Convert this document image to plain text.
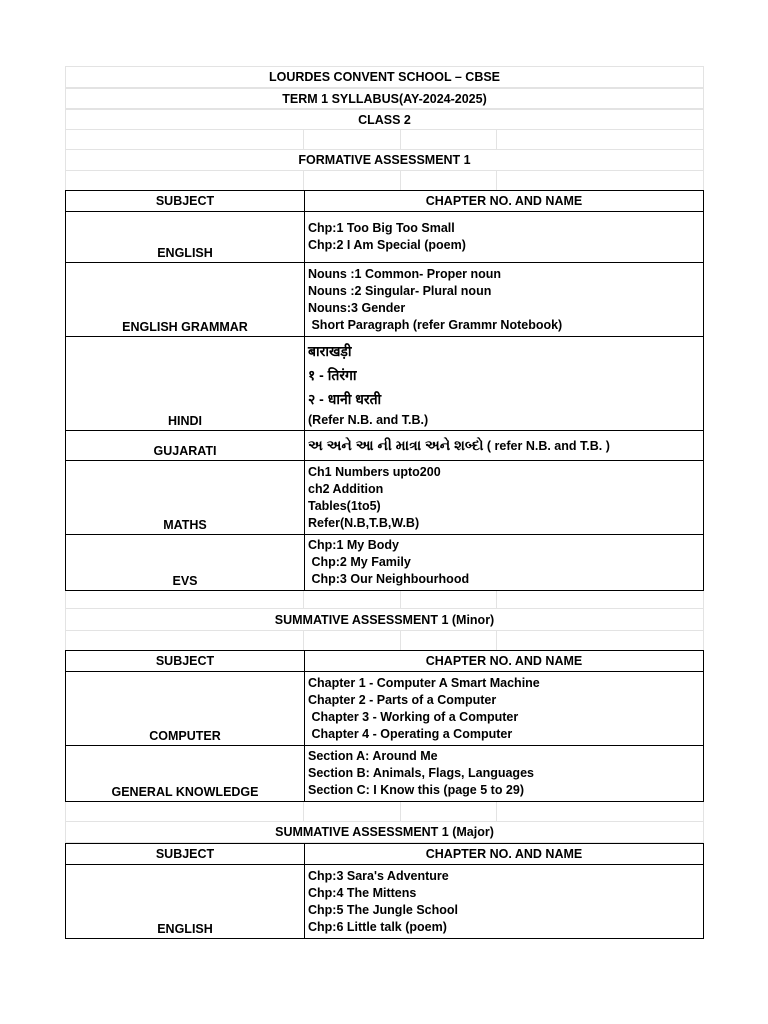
LOURDES CONVENT SCHOOL – CBSE
TERM 1 SYLLABUS(AY-2024-2025)
CLASS 2
FORMATIVE ASSESSMENT 1
SUBJECT	CHAPTER NO. AND NAME
ENGLISH	Chp:1 Too Big Too Small
Chp:2 I Am Special (poem)

ENGLISH GRAMMAR	Nouns :1 Common- Proper noun
Nouns :2 Singular- Plural noun
Nouns:3 Gender
Short Paragraph (refer Grammr Notebook)

HINDI	बाराखड़ी
१ - तिरंगा
२ - धानी धरती
(Refer N.B. and T.B.)

GUJARATI	અ અને આ ની માત્રા અને શબ્દો ( refer N.B. and T.B. )
MATHS	Ch1 Numbers upto200
ch2 Addition
Tables(1to5)
Refer(N.B,T.B,W.B)

EVS	Chp:1 My Body
Chp:2 My Family
Chp:3 Our Neighbourhood
SUMMATIVE ASSESSMENT 1 (Minor)
SUBJECT	CHAPTER NO. AND NAME
COMPUTER	Chapter 1 - Computer A Smart Machine
Chapter 2 - Parts of a Computer
Chapter 3 - Working of a Computer
Chapter 4 - Operating a Computer

GENERAL KNOWLEDGE	Section A: Around Me
Section B: Animals, Flags, Languages
Section C: I Know this (page 5 to 29)
SUMMATIVE ASSESSMENT 1 (Major)
SUBJECT	CHAPTER NO. AND NAME
ENGLISH	Chp:3 Sara's Adventure
Chp:4 The Mittens
Chp:5 The Jungle School
Chp:6 Little talk (poem)
